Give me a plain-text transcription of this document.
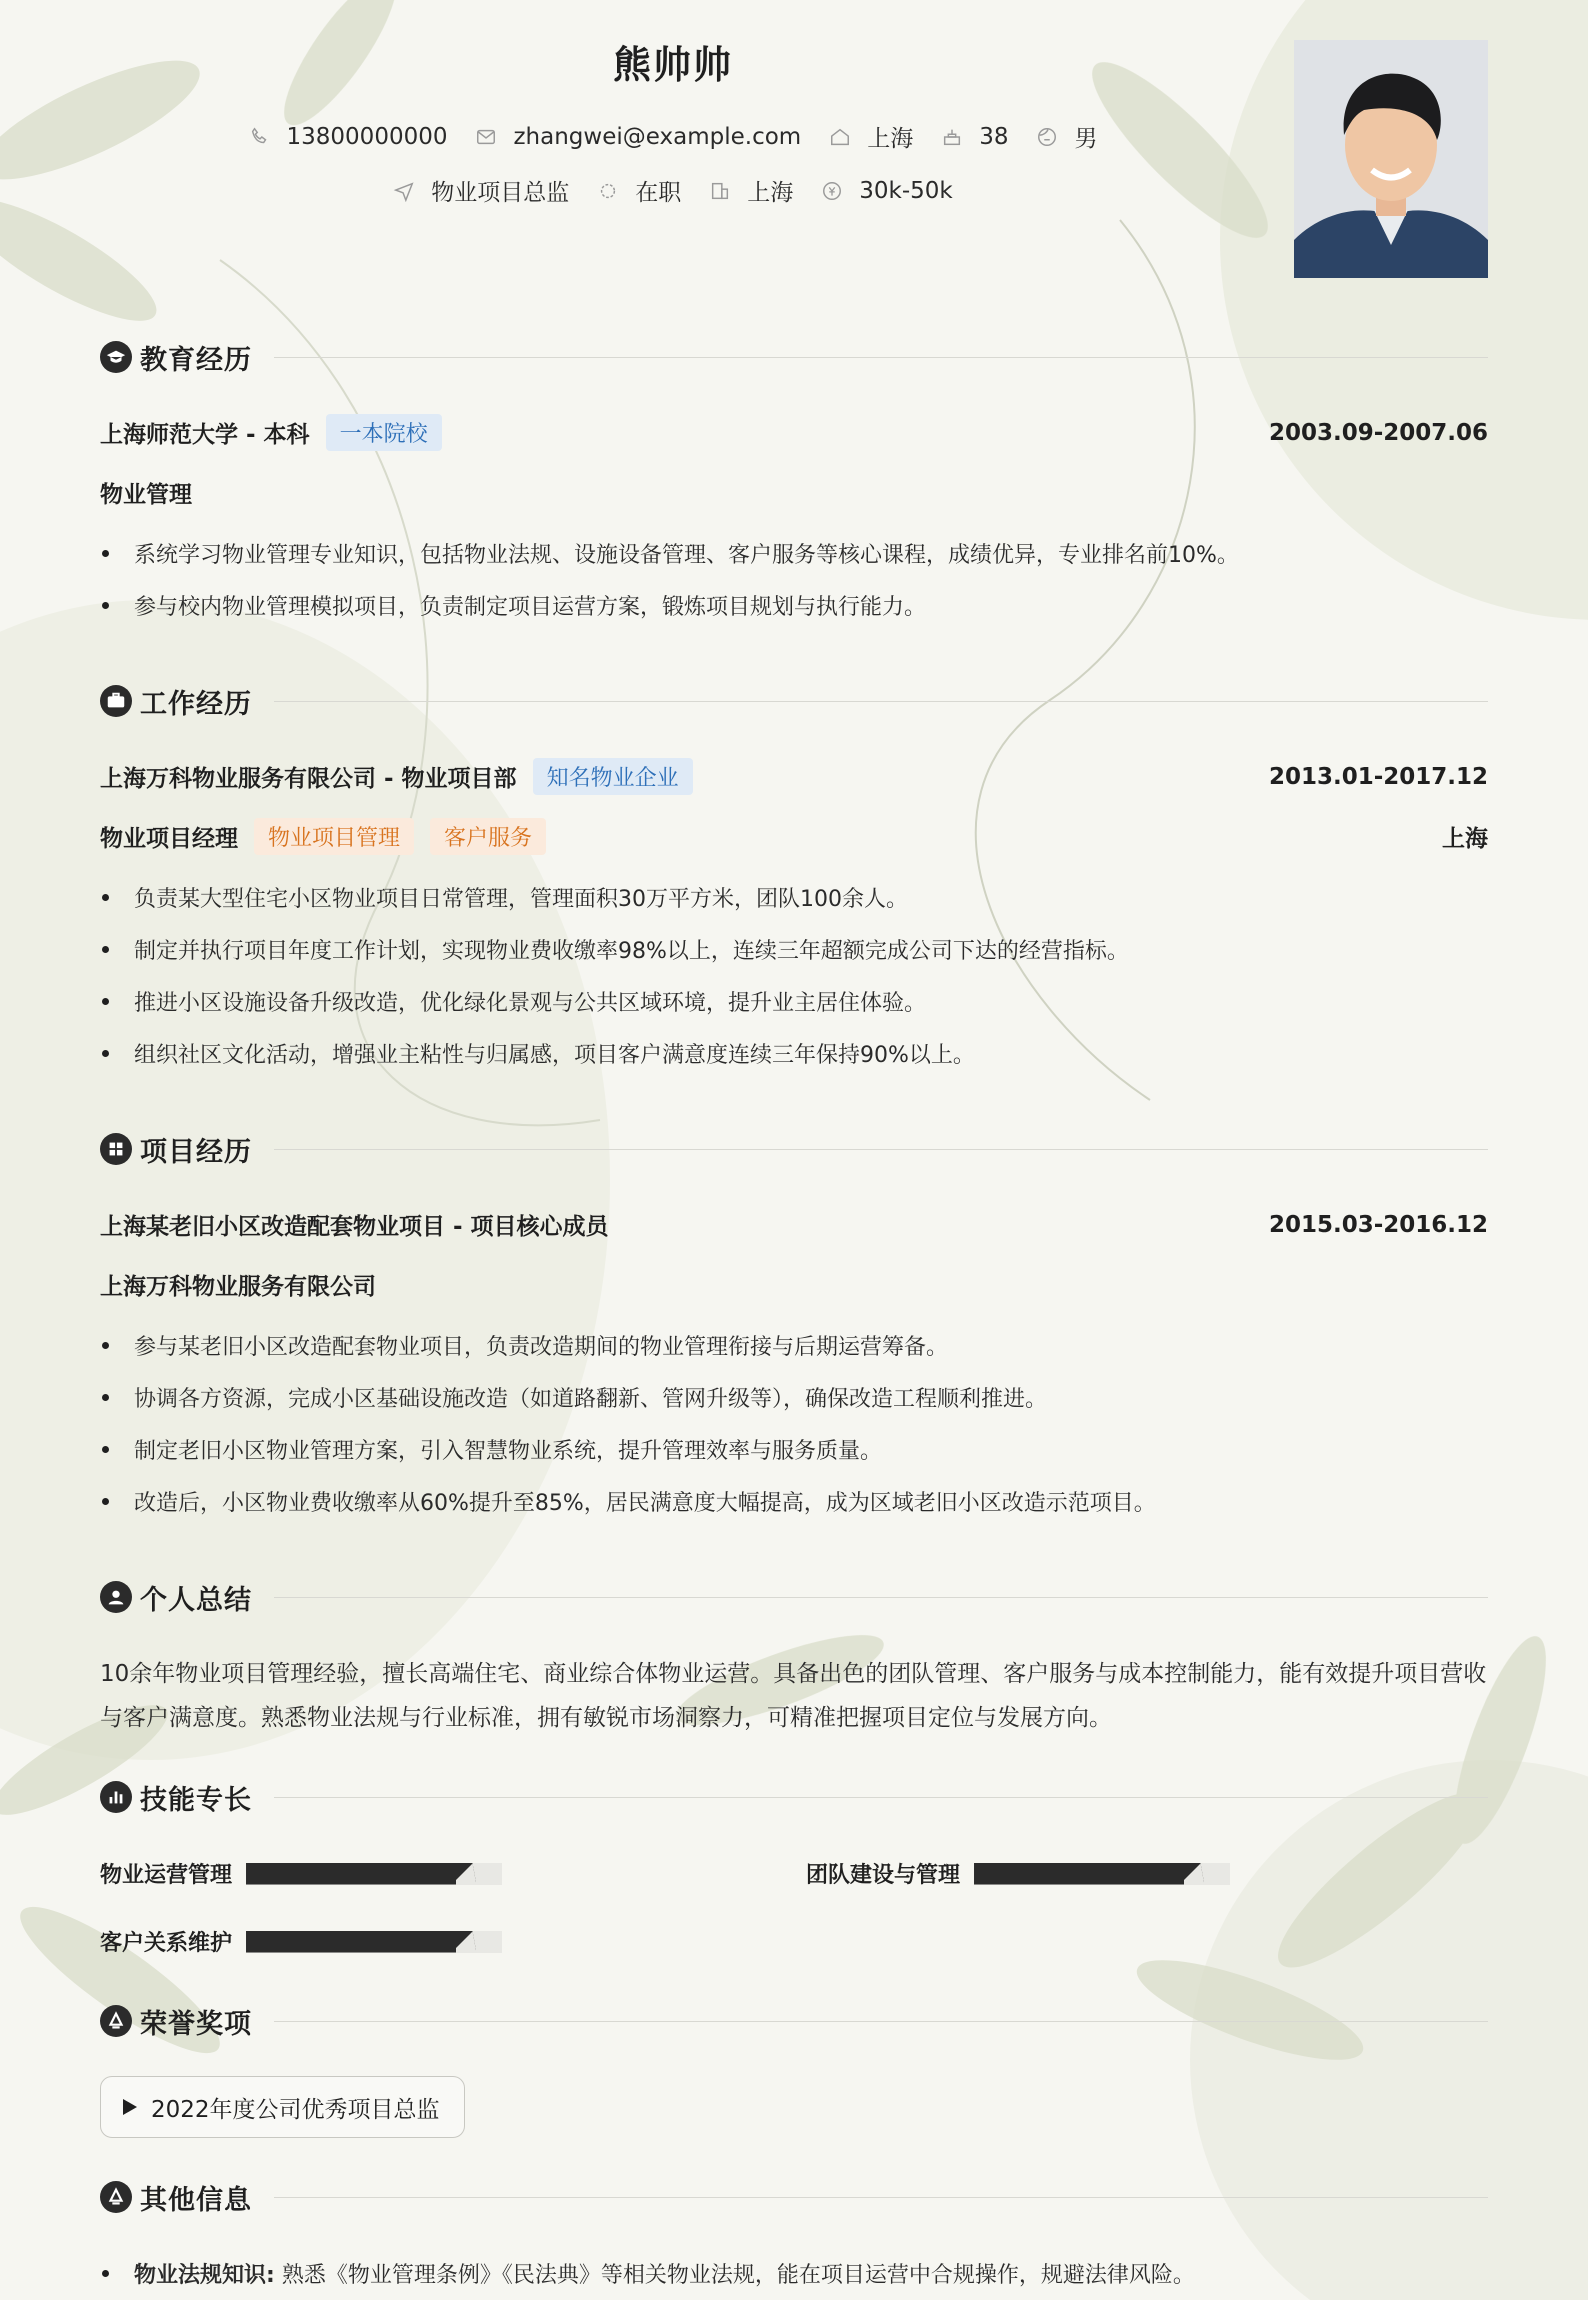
熊帅帅
13800000000	zhangwei@example.com	上海	38	男
物业项目总监	在职	上海	30k-50k
教育经历
上海师范大学 - 本科	一本院校	2003.09-2007.06
物业管理
系统学习物业管理专业知识，包括物业法规、设施设备管理、客户服务等核心课程，成绩优异，专业排名前10%。
参与校内物业管理模拟项目，负责制定项目运营方案，锻炼项目规划与执行能力。
工作经历
上海万科物业服务有限公司 - 物业项目部	知名物业企业	2013.01-2017.12
物业项目经理	物业项目管理	客户服务	上海
负责某大型住宅小区物业项目日常管理，管理面积30万平方米，团队100余人。
制定并执行项目年度工作计划，实现物业费收缴率98%以上，连续三年超额完成公司下达的经营指标。
推进小区设施设备升级改造，优化绿化景观与公共区域环境，提升业主居住体验。
组织社区文化活动，增强业主粘性与归属感，项目客户满意度连续三年保持90%以上。
项目经历
上海某老旧小区改造配套物业项目 - 项目核心成员	2015.03-2016.12
上海万科物业服务有限公司
参与某老旧小区改造配套物业项目，负责改造期间的物业管理衔接与后期运营筹备。
协调各方资源，完成小区基础设施改造（如道路翻新、管网升级等），确保改造工程顺利推进。
制定老旧小区物业管理方案，引入智慧物业系统，提升管理效率与服务质量。
改造后，小区物业费收缴率从60%提升至85%，居民满意度大幅提高，成为区域老旧小区改造示范项目。
个人总结
10余年物业项目管理经验，擅长高端住宅、商业综合体物业运营。具备出色的团队管理、客户服务与成本控制能力，能有效提升项目营收与客户满意度。熟悉物业法规与行业标准，拥有敏锐市场洞察力，可精准把握项目定位与发展方向。
技能专长
物业运营管理	团队建设与管理
客户关系维护
荣誉奖项
2022年度公司优秀项目总监
其他信息
物业法规知识: 熟悉《物业管理条例》《民法典》等相关物业法规，能在项目运营中合规操作，规避法律风险。
